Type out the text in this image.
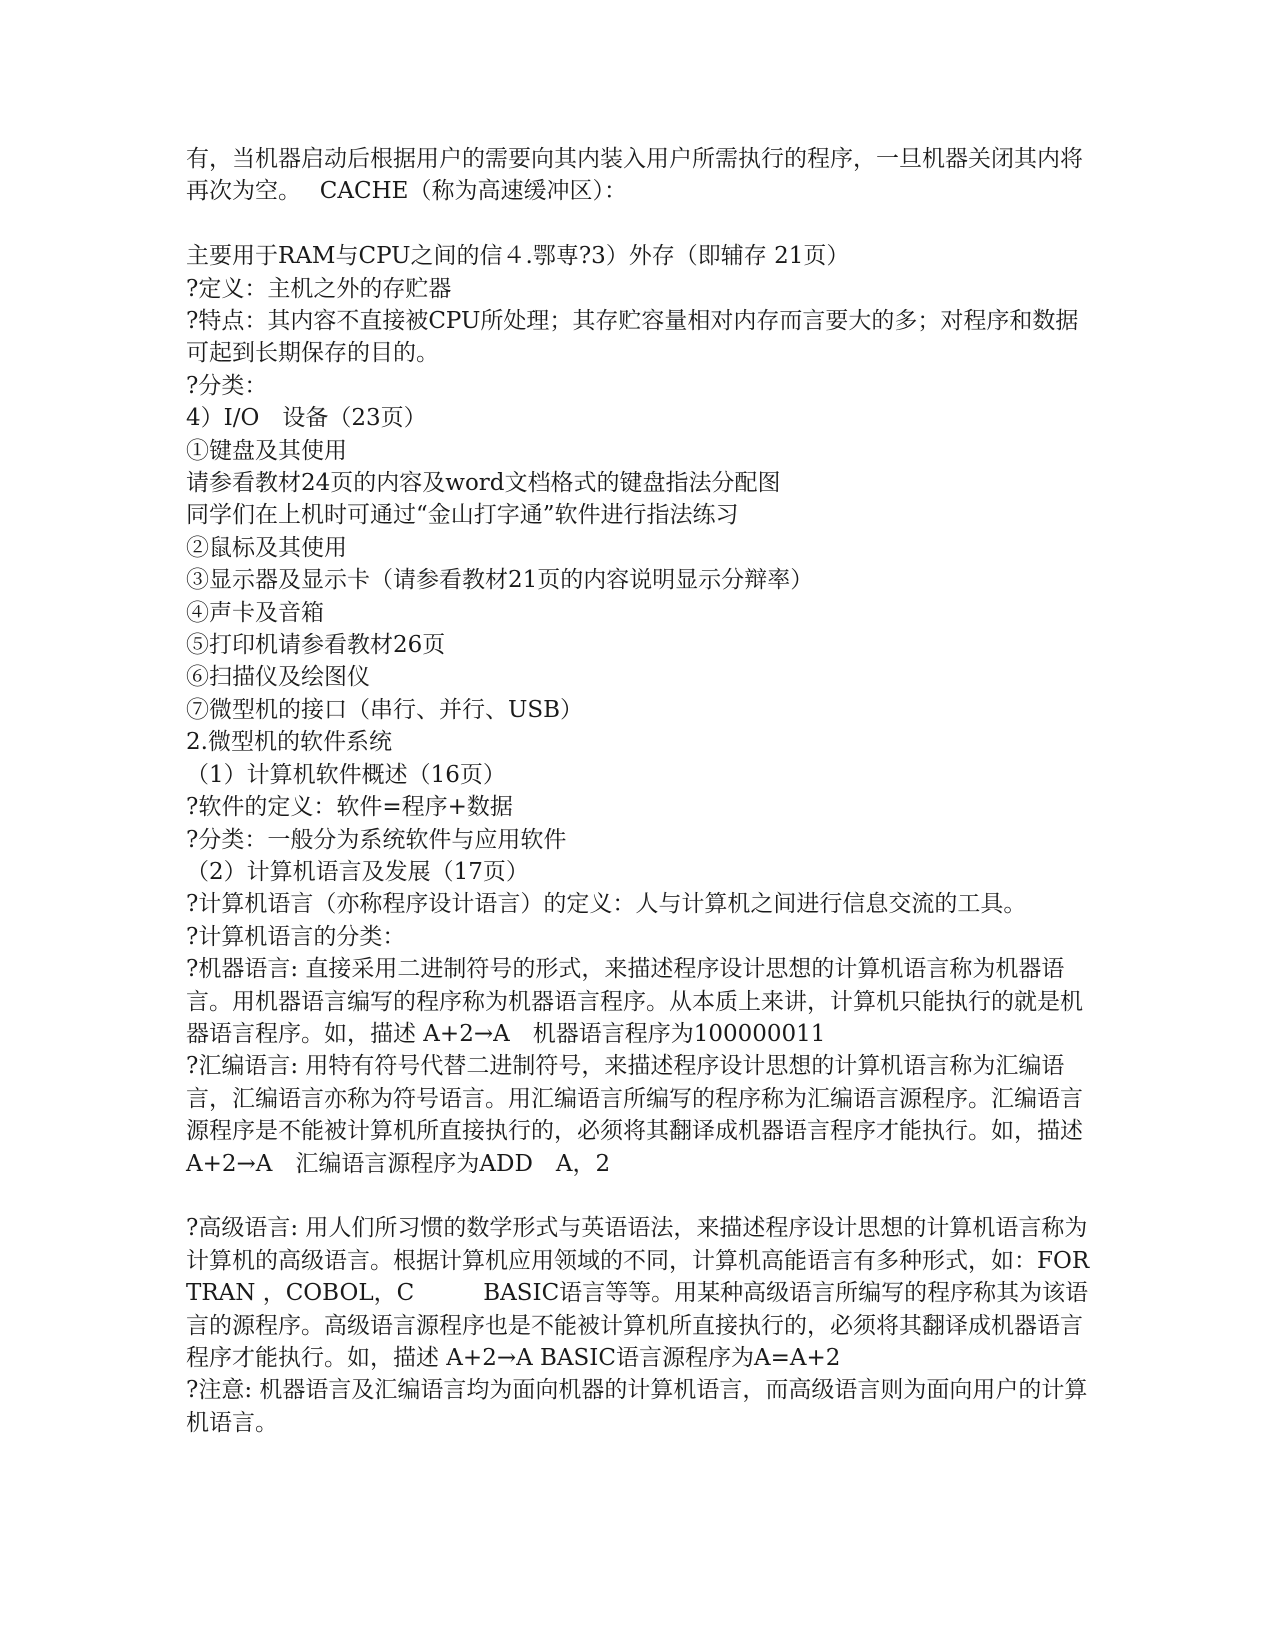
有，当机器启动后根据用户的需要向其内装入用户所需执行的程序，一旦机器关闭其内将再次为空。　 CACHE（称为高速缓冲区）：

主要用于RAM与CPU之间的信４.鄂専?3）外存（即辅存 21页）

?定义：主机之外的存贮器

?特点：其内容不直接被CPU所处理；其存贮容量相对内存而言要大的多；对程序和数据可起到长期保存的目的。

?分类：

4）I/O　设备（23页）

①键盘及其使用

请参看教材24页的内容及word文档格式的键盘指法分配图

同学们在上机时可通过“金山打字通”软件进行指法练习

②鼠标及其使用

③显示器及显示卡（请参看教材21页的内容说明显示分辩率）

④声卡及音箱

⑤打印机请参看教材26页

⑥扫描仪及绘图仪

⑦微型机的接口（串行、并行、USB）

2.微型机的软件系统

（1）计算机软件概述（16页）

?软件的定义：软件=程序+数据

?分类：一般分为系统软件与应用软件

（2）计算机语言及发展（17页）

?计算机语言（亦称程序设计语言）的定义：人与计算机之间进行信息交流的工具。

?计算机语言的分类：

?机器语言: 直接采用二进制符号的形式，来描述程序设计思想的计算机语言称为机器语言。用机器语言编写的程序称为机器语言程序。从本质上来讲，计算机只能执行的就是机器语言程序。如，描述 A+2→A　机器语言程序为100000011

?汇编语言: 用特有符号代替二进制符号，来描述程序设计思想的计算机语言称为汇编语言，汇编语言亦称为符号语言。用汇编语言所编写的程序称为汇编语言源程序。汇编语言源程序是不能被计算机所直接执行的，必须将其翻译成机器语言程序才能执行。如，描述　A+2→A　汇编语言源程序为ADD　A，2

?高级语言: 用人们所习惯的数学形式与英语语法，来描述程序设计思想的计算机语言称为计算机的高级语言。根据计算机应用领域的不同，计算机高能语言有多种形式，如：FORTRAN ，COBOL，C　　　BASIC语言等等。用某种高级语言所编写的程序称其为该语言的源程序。高级语言源程序也是不能被计算机所直接执行的，必须将其翻译成机器语言程序才能执行。如，描述 A+2→A BASIC语言源程序为A=A+2

?注意: 机器语言及汇编语言均为面向机器的计算机语言，而高级语言则为面向用户的计算机语言。
